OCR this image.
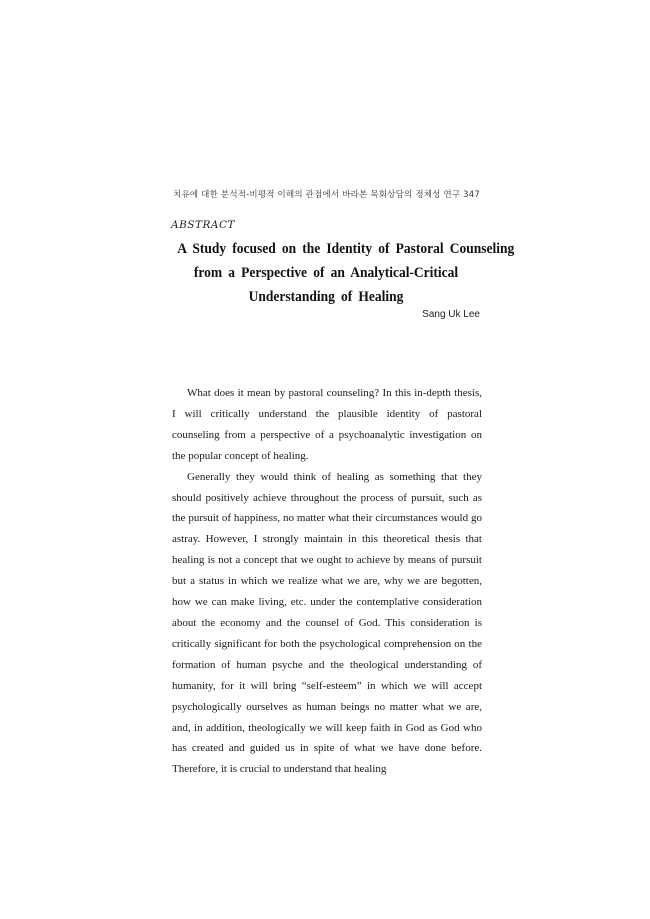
치유에 대한 분석적-비평적 이해의 관점에서 바라본 목회상담의 정체성 연구 347
ABSTRACT
A Study focused on the Identity of Pastoral Counseling
from a Perspective of an Analytical-Critical
Understanding of Healing
Sang Uk Lee

What does it mean by pastoral counseling? In this in-depth thesis, I will critically understand the plausible identity of pastoral counseling from a perspective of a psychoanalytic investigation on the popular concept of healing.

Generally they would think of healing as something that they should positively achieve throughout the process of pursuit, such as the pursuit of happiness, no matter what their circumstances would go astray. However, I strongly maintain in this theoretical thesis that healing is not a concept that we ought to achieve by means of pursuit but a status in which we realize what we are, why we are begotten, how we can make living, etc. under the contemplative consideration about the economy and the counsel of God. This consideration is critically significant for both the psychological comprehension on the formation of human psyche and the theological understanding of humanity, for it will bring “self-esteem” in which we will accept psychologically ourselves as human beings no matter what we are, and, in addition, theologically we will keep faith in God as God who has created and guided us in spite of what we have done before. Therefore, it is crucial to understand that healing
